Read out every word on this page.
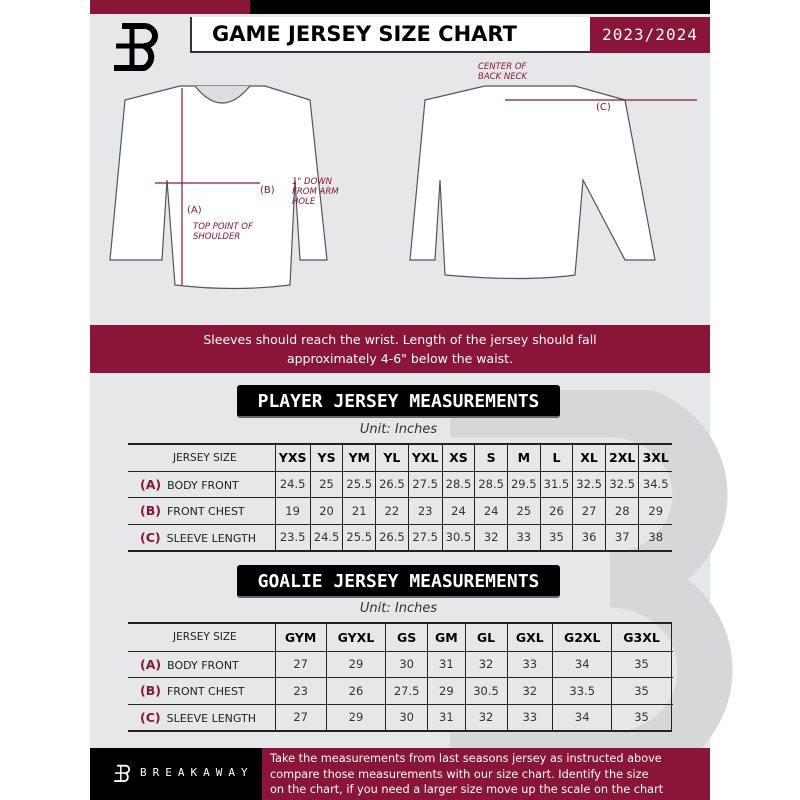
GAME JERSEY SIZE CHART	2023/2024
CENTER OF BACK NECK
(C)
(B)
1" DOWN FROM ARM HOLE
(A)
TOP POINT OF SHOULDER
Sleeves should reach the wrist. Length of the jersey should fall
approximately 4-6" below the waist.
PLAYER JERSEY MEASUREMENTS
Unit: Inches
JERSEY SIZE	YXS	YS	YM	YL	YXL	XS	S	M	L	XL	2XL	3XL
(A) BODY FRONT	24.5	25	25.5	26.5	27.5	28.5	28.5	29.5	31.5	32.5	32.5	34.5
(B) FRONT CHEST	19	20	21	22	23	24	24	25	26	27	28	29
(C) SLEEVE LENGTH	23.5	24.5	25.5	26.5	27.5	30.5	32	33	35	36	37	38
GOALIE JERSEY MEASUREMENTS
Unit: Inches
JERSEY SIZE	GYM	GYXL	GS	GM	GL	GXL	G2XL	G3XL	
(A) BODY FRONT	27	29	30	31	32	33	34	35	
(B) FRONT CHEST	23	26	27.5	29	30.5	32	33.5	35	
(C) SLEEVE LENGTH	27	29	30	31	32	33	34	35	
BREAKAWAY
Take the measurements from last seasons jersey as instructed above
compare those measurements with our size chart. Identify the size
on the chart, if you need a larger size move up the scale on the chart
